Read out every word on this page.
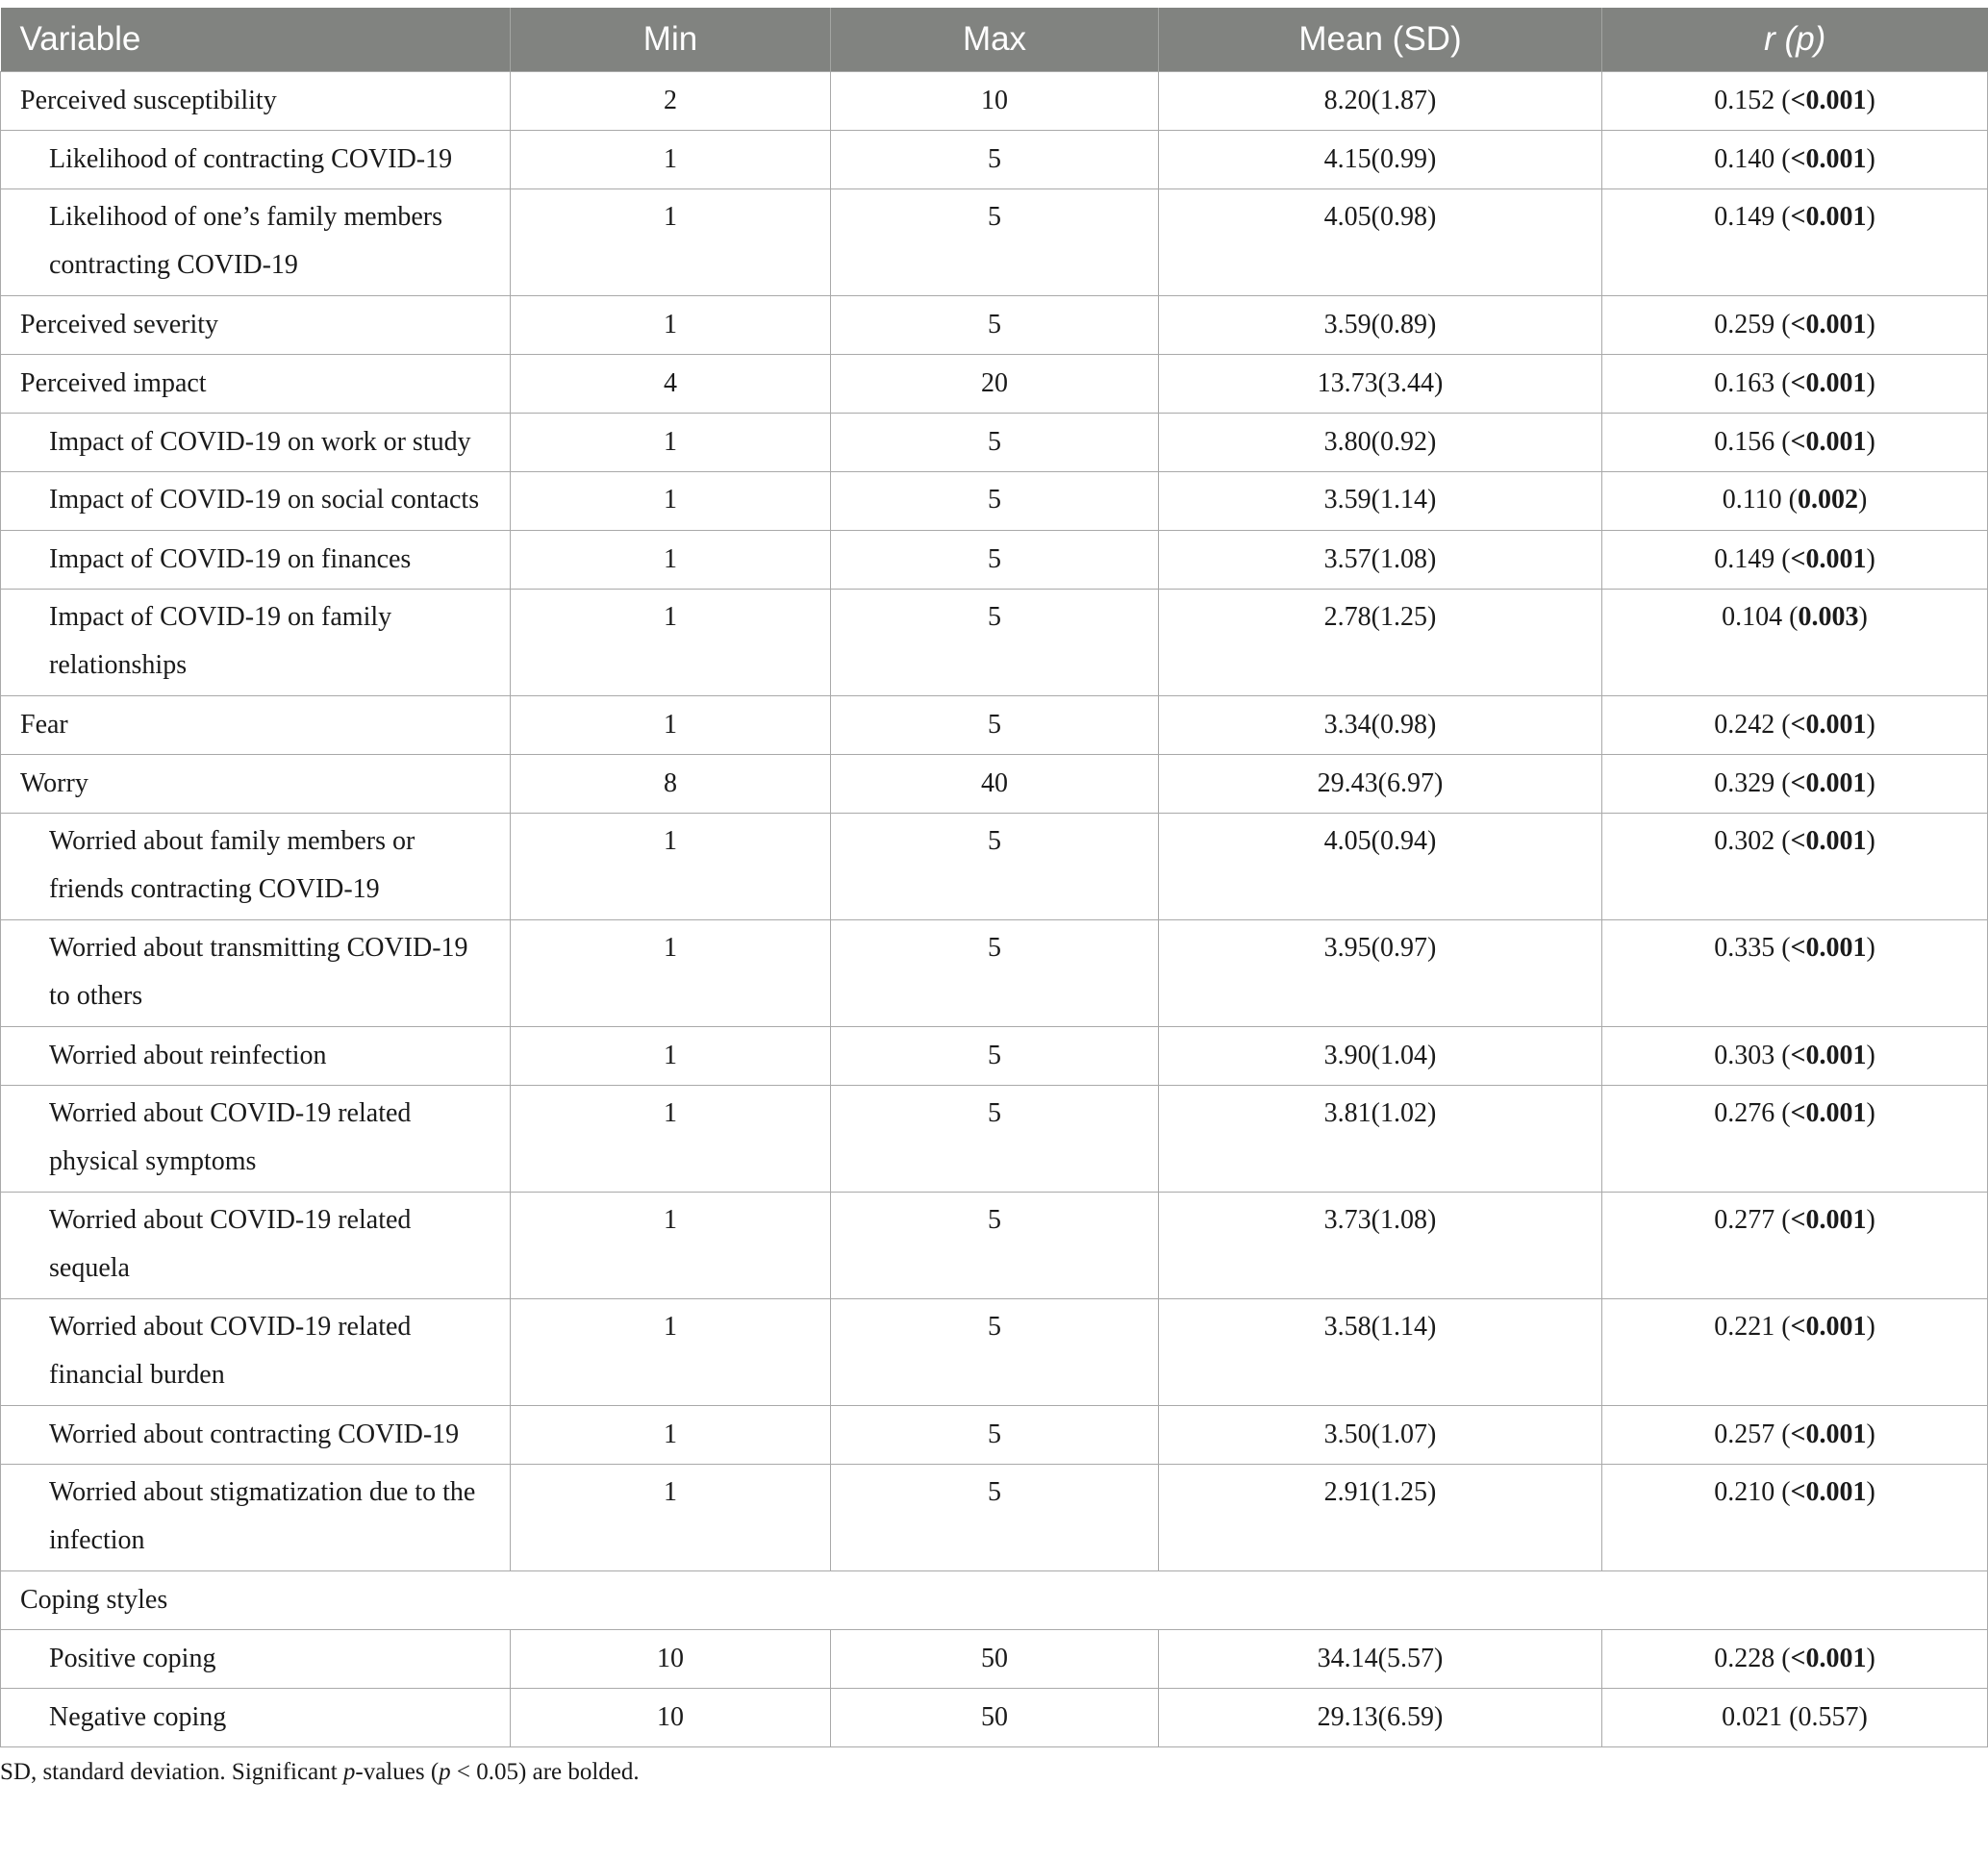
Variable	Min	Max	Mean (SD)	r (p)
Perceived susceptibility	2	10	8.20(1.87)	0.152 (<0.001)
Likelihood of contracting COVID-19	1	5	4.15(0.99)	0.140 (<0.001)
Likelihood of one’s family members contracting COVID-19	1	5	4.05(0.98)	0.149 (<0.001)
Perceived severity	1	5	3.59(0.89)	0.259 (<0.001)
Perceived impact	4	20	13.73(3.44)	0.163 (<0.001)
Impact of COVID-19 on work or study	1	5	3.80(0.92)	0.156 (<0.001)
Impact of COVID-19 on social contacts	1	5	3.59(1.14)	0.110 (0.002)
Impact of COVID-19 on finances	1	5	3.57(1.08)	0.149 (<0.001)
Impact of COVID-19 on family relationships	1	5	2.78(1.25)	0.104 (0.003)
Fear	1	5	3.34(0.98)	0.242 (<0.001)
Worry	8	40	29.43(6.97)	0.329 (<0.001)
Worried about family members or friends contracting COVID-19	1	5	4.05(0.94)	0.302 (<0.001)
Worried about transmitting COVID-19 to others	1	5	3.95(0.97)	0.335 (<0.001)
Worried about reinfection	1	5	3.90(1.04)	0.303 (<0.001)
Worried about COVID-19 related physical symptoms	1	5	3.81(1.02)	0.276 (<0.001)
Worried about COVID-19 related sequela	1	5	3.73(1.08)	0.277 (<0.001)
Worried about COVID-19 related financial burden	1	5	3.58(1.14)	0.221 (<0.001)
Worried about contracting COVID-19	1	5	3.50(1.07)	0.257 (<0.001)
Worried about stigmatization due to the infection	1	5	2.91(1.25)	0.210 (<0.001)
Coping styles				
Positive coping	10	50	34.14(5.57)	0.228 (<0.001)
Negative coping	10	50	29.13(6.59)	0.021 (0.557)
SD, standard deviation. Significant p-values (p < 0.05) are bolded.
